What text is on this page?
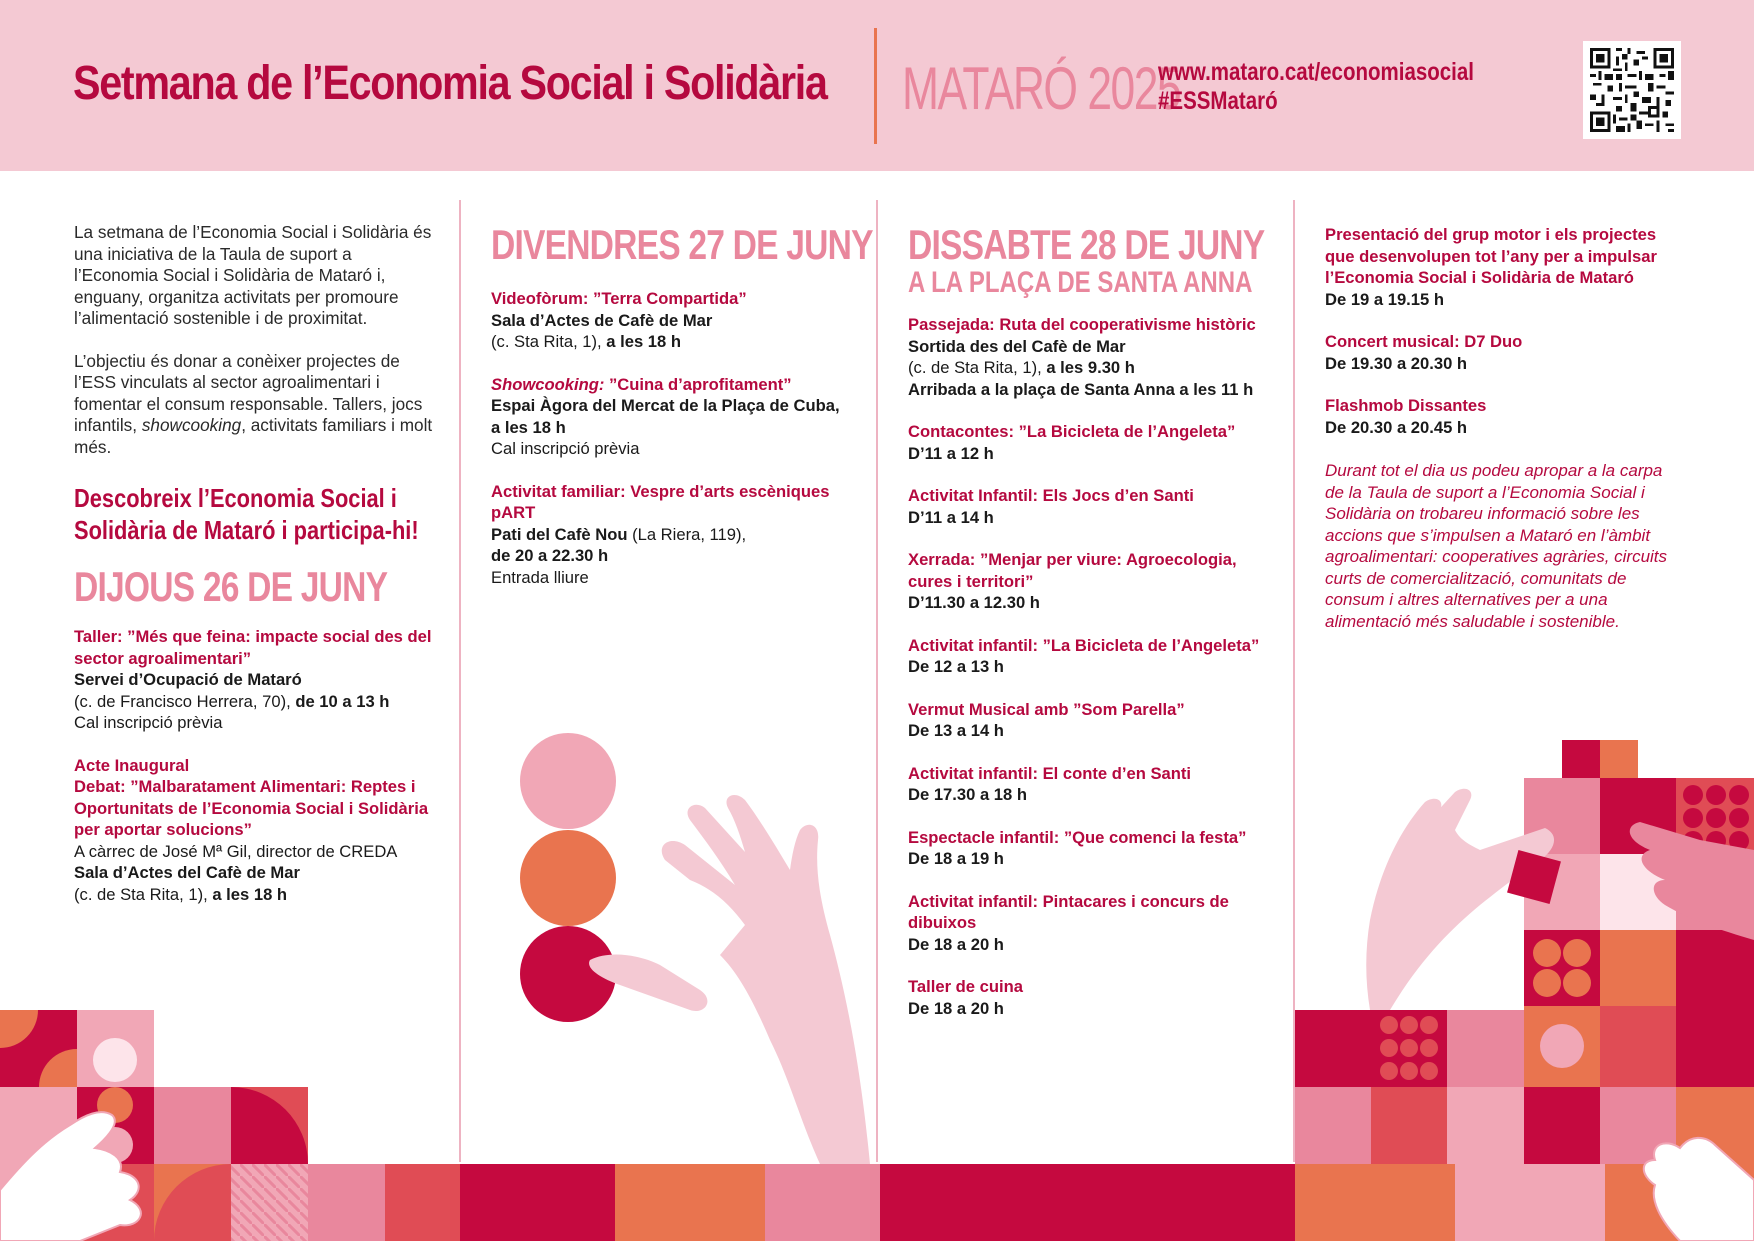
Setmana de l’Economia Social i Solidària MATARÓ 2025
www.mataro.cat/economiasocial
#ESSMataró

La setmana de l’Economia Social i Solidària és una iniciativa de la Taula de suport a l’Economia Social i Solidària de Mataró i, enguany, organitza activitats per promoure l’alimentació sostenible i de proximitat.

L’objectiu és donar a conèixer projectes de l’ESS vinculats al sector agroalimentari i fomentar el consum responsable. Tallers, jocs infantils, showcooking, activitats familiars i molt més.

Descobreix l’Economia Social i Solidària de Mataró i participa-hi!
DIJOUS 26 DE JUNY
Taller: ”Més que feina: impacte social des del sector agroalimentari”
Servei d’Ocupació de Mataró
(c. de Francisco Herrera, 70), de 10 a 13 h
Cal inscripció prèvia
Acte Inaugural
Debat: ”Malbaratament Alimentari: Reptes i Oportunitats de l’Economia Social i Solidària per aportar solucions”
A càrrec de José Mª Gil, director de CREDA
Sala d’Actes del Cafè de Mar
(c. de Sta Rita, 1), a les 18 h
DIVENDRES 27 DE JUNY
Videofòrum: ”Terra Compartida”
Sala d’Actes de Cafè de Mar
(c. Sta Rita, 1), a les 18 h
Showcooking: ”Cuina d’aprofitament”
Espai Àgora del Mercat de la Plaça de Cuba, a les 18 h
Cal inscripció prèvia
Activitat familiar: Vespre d’arts escèniques pART
Pati del Cafè Nou (La Riera, 119),
de 20 a 22.30 h
Entrada lliure
DISSABTE 28 DE JUNY
A LA PLAÇA DE SANTA ANNA
Passejada: Ruta del cooperativisme històric
Sortida des del Cafè de Mar
(c. de Sta Rita, 1), a les 9.30 h
Arribada a la plaça de Santa Anna a les 11 h
Contacontes: ”La Bicicleta de l’Angeleta”
D’11 a 12 h
Activitat Infantil: Els Jocs d’en Santi
D’11 a 14 h
Xerrada: ”Menjar per viure: Agroecologia, cures i territori”
D’11.30 a 12.30 h
Activitat infantil: ”La Bicicleta de l’Angeleta”
De 12 a 13 h
Vermut Musical amb ”Som Parella”
De 13 a 14 h
Activitat infantil: El conte d’en Santi
De 17.30 a 18 h
Espectacle infantil: ”Que comenci la festa”
De 18 a 19 h
Activitat infantil: Pintacares i concurs de dibuixos
De 18 a 20 h
Taller de cuina
De 18 a 20 h
Presentació del grup motor i els projectes que desenvolupen tot l’any per a impulsar l’Economia Social i Solidària de Mataró
De 19 a 19.15 h
Concert musical: D7 Duo
De 19.30 a 20.30 h
Flashmob Dissantes
De 20.30 a 20.45 h
Durant tot el dia us podeu apropar a la carpa de la Taula de suport a l’Economia Social i Solidària on trobareu informació sobre les accions que s’impulsen a Mataró en l’àmbit agroalimentari: cooperatives agràries, circuits curts de comercialització, comunitats de consum i altres alternatives per a una alimentació més saludable i sostenible.
